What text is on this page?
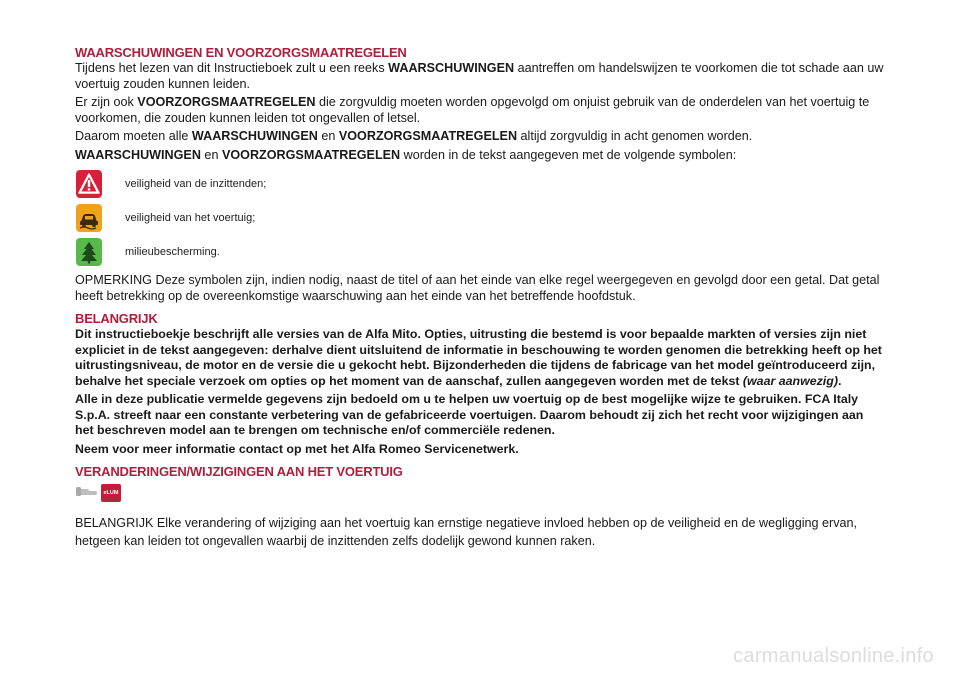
WAARSCHUWINGEN EN VOORZORGSMAATREGELEN

Tijdens het lezen van dit Instructieboek zult u een reeks WAARSCHUWINGEN aantreffen om handelswijzen te voorkomen die tot schade aan uw voertuig zouden kunnen leiden.

Er zijn ook VOORZORGSMAATREGELEN die zorgvuldig moeten worden opgevolgd om onjuist gebruik van de onderdelen van het voertuig te voorkomen, die zouden kunnen leiden tot ongevallen of letsel.

Daarom moeten alle WAARSCHUWINGEN en VOORZORGSMAATREGELEN altijd zorgvuldig in acht genomen worden.

WAARSCHUWINGEN en VOORZORGSMAATREGELEN worden in de tekst aangegeven met de volgende symbolen:

veiligheid van de inzittenden;
veiligheid van het voertuig;
milieubescherming.

OPMERKING Deze symbolen zijn, indien nodig, naast de titel of aan het einde van elke regel weergegeven en gevolgd door een getal. Dat getal heeft betrekking op de overeenkomstige waarschuwing aan het einde van het betreffende hoofdstuk.

BELANGRIJK

Dit instructieboekje beschrijft alle versies van de Alfa Mito. Opties, uitrusting die bestemd is voor bepaalde markten of versies zijn niet expliciet in de tekst aangegeven: derhalve dient uitsluitend de informatie in beschouwing te worden genomen die betrekking heeft op het uitrustingsniveau, de motor en de versie die u gekocht hebt. Bijzonderheden die tijdens de fabricage van het model geïntroduceerd zijn, behalve het speciale verzoek om opties op het moment van de aanschaf, zullen aangegeven worden met de tekst (waar aanwezig).

Alle in deze publicatie vermelde gegevens zijn bedoeld om u te helpen uw voertuig op de best mogelijke wijze te gebruiken. FCA Italy S.p.A. streeft naar een constante verbetering van de gefabriceerde voertuigen. Daarom behoudt zij zich het recht voor wijzigingen aan het beschreven model aan te brengen om technische en/of commerciële redenen.

Neem voor meer informatie contact op met het Alfa Romeo Servicenetwerk.

VERANDERINGEN/WIJZIGINGEN AAN HET VOERTUIG
eLUM

BELANGRIJK Elke verandering of wijziging aan het voertuig kan ernstige negatieve invloed hebben op de veiligheid en de wegligging ervan, hetgeen kan leiden tot ongevallen waarbij de inzittenden zelfs dodelijk gewond kunnen raken.

carmanualsonline.info
